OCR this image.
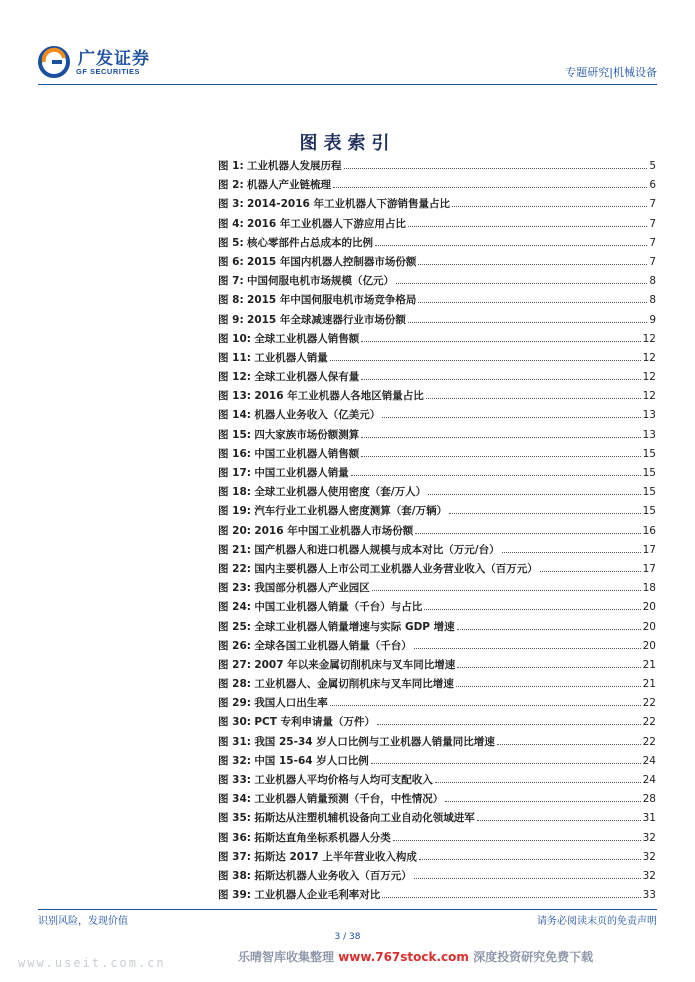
广发证券
GF SECURITIES	专题研究|机械设备
图表索引
图 1: 工业机器人发展历程	5
图 2: 机器人产业链梳理	6
图 3: 2014-2016 年工业机器人下游销售量占比	7
图 4: 2016 年工业机器人下游应用占比	7
图 5: 核心零部件占总成本的比例	7
图 6: 2015 年国内机器人控制器市场份额	7
图 7: 中国伺服电机市场规模（亿元）	8
图 8: 2015 年中国伺服电机市场竞争格局	8
图 9: 2015 年全球减速器行业市场份额	9
图 10: 全球工业机器人销售额	12
图 11: 工业机器人销量	12
图 12: 全球工业机器人保有量	12
图 13: 2016 年工业机器人各地区销量占比	12
图 14: 机器人业务收入（亿美元）	13
图 15: 四大家族市场份额测算	13
图 16: 中国工业机器人销售额	15
图 17: 中国工业机器人销量	15
图 18: 全球工业机器人使用密度（套/万人）	15
图 19: 汽车行业工业机器人密度测算（套/万辆）	15
图 20: 2016 年中国工业机器人市场份额	16
图 21: 国产机器人和进口机器人规模与成本对比（万元/台）	17
图 22: 国内主要机器人上市公司工业机器人业务营业收入（百万元）	17
图 23: 我国部分机器人产业园区	18
图 24: 中国工业机器人销量（千台）与占比	20
图 25: 全球工业机器人销量增速与实际 GDP 增速	20
图 26: 全球各国工业机器人销量（千台）	20
图 27: 2007 年以来金属切削机床与叉车同比增速	21
图 28: 工业机器人、金属切削机床与叉车同比增速	21
图 29: 我国人口出生率	22
图 30: PCT 专利申请量（万件）	22
图 31: 我国 25-34 岁人口比例与工业机器人销量同比增速	22
图 32: 中国 15-64 岁人口比例	24
图 33: 工业机器人平均价格与人均可支配收入	24
图 34: 工业机器人销量预测（千台，中性情况）	28
图 35: 拓斯达从注塑机辅机设备向工业自动化领域进军	31
图 36: 拓斯达直角坐标系机器人分类	32
图 37: 拓斯达 2017 上半年营业收入构成	32
图 38: 拓斯达机器人业务收入（百万元）	32
图 39: 工业机器人企业毛利率对比	33
识别风险，发现价值	请务必阅读末页的免责声明
3 / 38
www.useit.com.cn	乐晴智库收集整理 www.767stock.com 深度投资研究免费下载
